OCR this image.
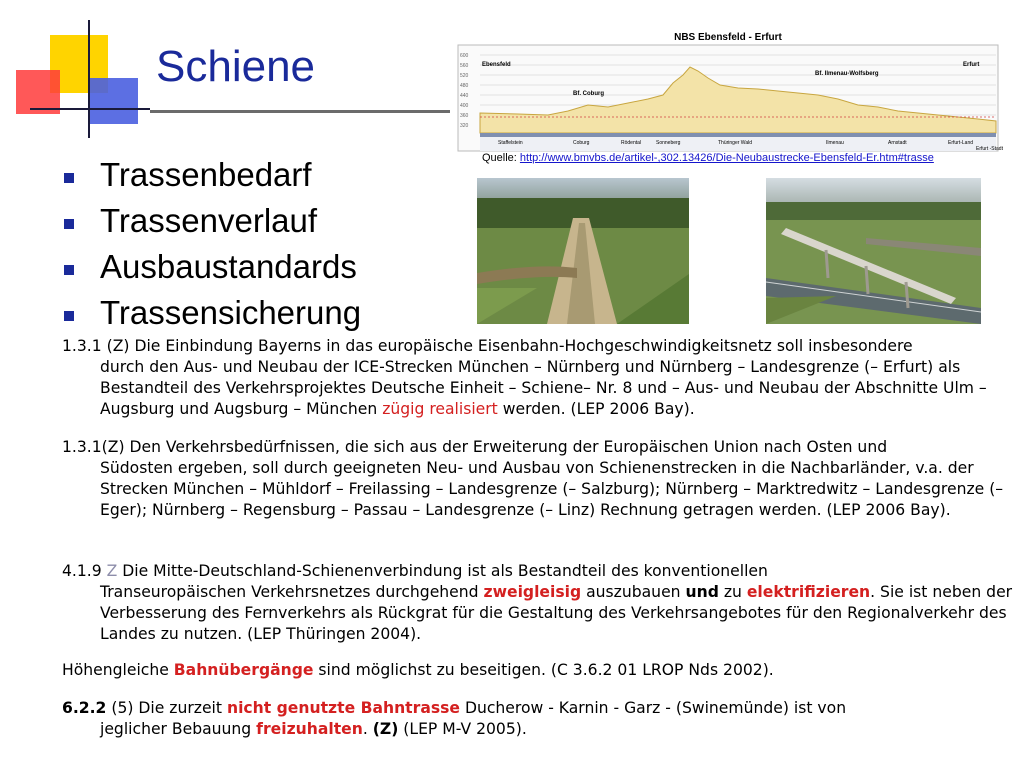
Schiene
Trassenbedarf
Trassenverlauf
Ausbaustandards
Trassensicherung
NBS Ebensfeld - Erfurt
600
560
520
480
440
400
360
320
Ebensfeld
Bf. Coburg
Bf. Ilmenau-Wolfsberg
Erfurt
Staffelstein	Coburg	Rödental	Sonneberg	Thüringer Wald	Ilmenau	Arnstadt	Erfurt-Land
Erfurt -Stadt
Quelle: http://www.bmvbs.de/artikel-,302.13426/Die-Neubaustrecke-Ebensfeld-Er.htm#trasse
1.3.1 (Z) Die Einbindung Bayerns in das europäische Eisenbahn-Hochgeschwindigkeitsnetz soll insbesondere
durch den Aus- und Neubau der ICE-Strecken München – Nürnberg und Nürnberg – Landesgrenze (– Erfurt) als Bestandteil des Verkehrsprojektes Deutsche Einheit – Schiene– Nr. 8 und – Aus- und Neubau der Abschnitte Ulm – Augsburg und Augsburg – München zügig realisiert werden. (LEP 2006 Bay).
1.3.1(Z) Den Verkehrsbedürfnissen, die sich aus der Erweiterung der Europäischen Union nach Osten und
Südosten ergeben, soll durch geeigneten Neu- und Ausbau von Schienenstrecken in die Nachbarländer, v.a. der Strecken München – Mühldorf – Freilassing – Landesgrenze (– Salzburg); Nürnberg – Marktredwitz – Landesgrenze (– Eger); Nürnberg – Regensburg – Passau – Landesgrenze (– Linz) Rechnung getragen werden. (LEP 2006 Bay).
4.1.9 Z Die Mitte-Deutschland-Schienenverbindung ist als Bestandteil des konventionellen
Transeuropäischen Verkehrsnetzes durchgehend zweigleisig auszubauen und zu elektrifizieren. Sie ist neben der Verbesserung des Fernverkehrs als Rückgrat für die Gestaltung des Verkehrsangebotes für den Regionalverkehr des Landes zu nutzen. (LEP Thüringen 2004).
Höhengleiche Bahnübergänge sind möglichst zu beseitigen. (C 3.6.2 01 LROP Nds 2002).
6.2.2 (5) Die zurzeit nicht genutzte Bahntrasse Ducherow - Karnin - Garz - (Swinemünde) ist von
jeglicher Bebauung freizuhalten. (Z) (LEP M-V 2005).
